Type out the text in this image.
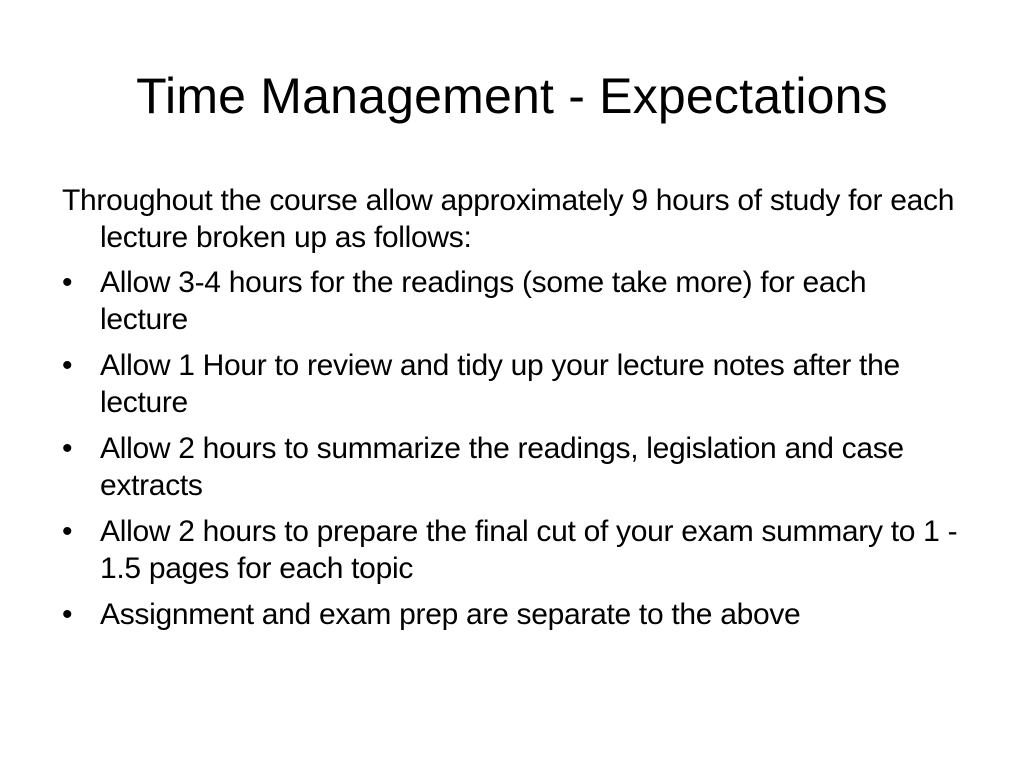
Time Management - Expectations

Throughout the course allow approximately 9 hours of study for each lecture broken up as follows:

• Allow 3-4 hours for the readings (some take more) for each lecture
• Allow 1 Hour to review and tidy up your lecture notes after the lecture
• Allow 2 hours to summarize the readings, legislation and case extracts
• Allow 2 hours to prepare the final cut of your exam summary to 1 - 1.5 pages for each topic
• Assignment and exam prep are separate to the above
